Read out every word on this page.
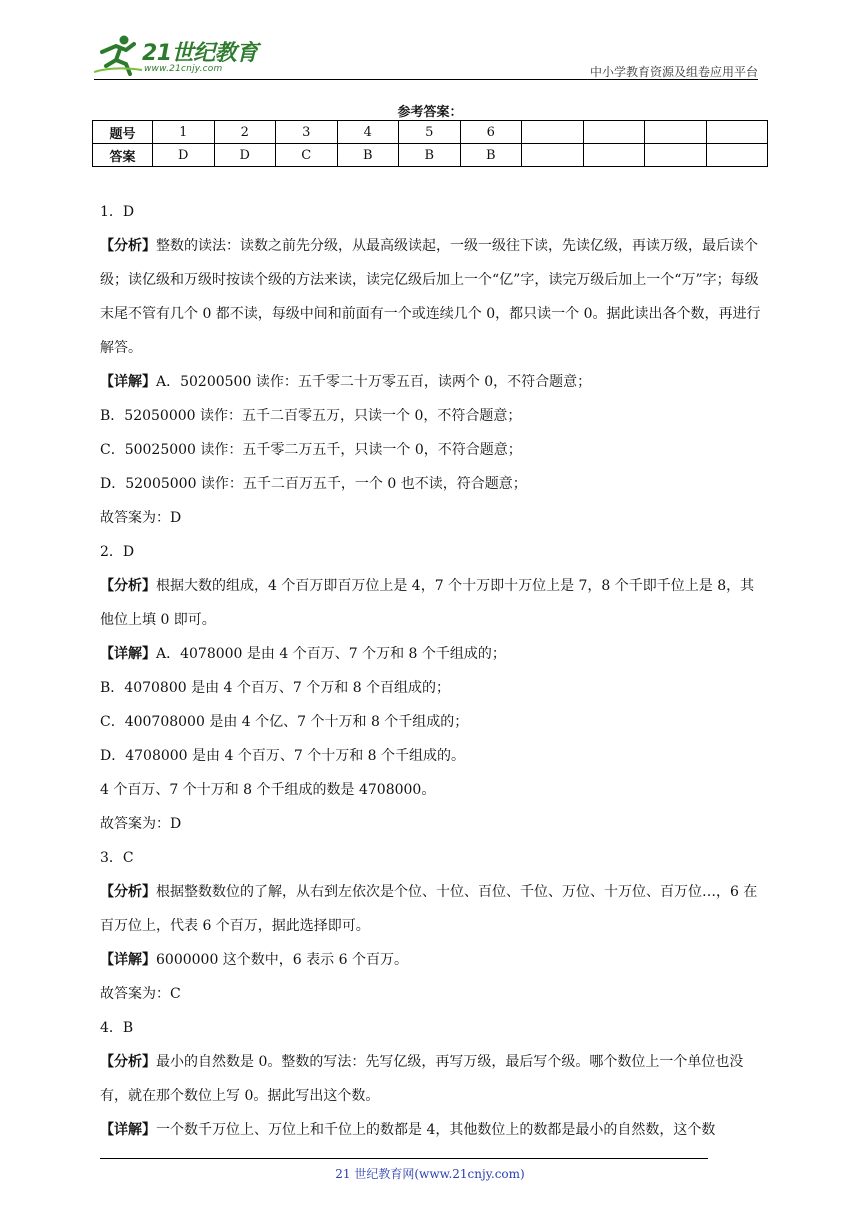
21世纪教育
www.21cnjy.com	中小学教育资源及组卷应用平台
参考答案：
题号	1	2	3	4	5	6				
答案	D	D	C	B	B	B				

1．D

【分析】整数的读法：读数之前先分级，从最高级读起，一级一级往下读，先读亿级，再读万级，最后读个级；读亿级和万级时按读个级的方法来读，读完亿级后加上一个“亿”字，读完万级后加上一个“万”字；每级末尾不管有几个 0 都不读，每级中间和前面有一个或连续几个 0，都只读一个 0。据此读出各个数，再进行解答。

【详解】A．50200500 读作：五千零二十万零五百，读两个 0，不符合题意；

B．52050000 读作：五千二百零五万，只读一个 0，不符合题意；

C．50025000 读作：五千零二万五千，只读一个 0，不符合题意；

D．52005000 读作：五千二百万五千，一个 0 也不读，符合题意；

故答案为：D

2．D

【分析】根据大数的组成，4 个百万即百万位上是 4，7 个十万即十万位上是 7，8 个千即千位上是 8，其他位上填 0 即可。

【详解】A．4078000 是由 4 个百万、7 个万和 8 个千组成的；

B．4070800 是由 4 个百万、7 个万和 8 个百组成的；

C．400708000 是由 4 个亿、7 个十万和 8 个千组成的；

D．4708000 是由 4 个百万、7 个十万和 8 个千组成的。

4 个百万、7 个十万和 8 个千组成的数是 4708000。

故答案为：D

3．C

【分析】根据整数数位的了解，从右到左依次是个位、十位、百位、千位、万位、十万位、百万位…，6 在百万位上，代表 6 个百万，据此选择即可。

【详解】6000000 这个数中，6 表示 6 个百万。

故答案为：C

4．B

【分析】最小的自然数是 0。整数的写法：先写亿级，再写万级，最后写个级。哪个数位上一个单位也没有，就在那个数位上写 0。据此写出这个数。

【详解】一个数千万位上、万位上和千位上的数都是 4，其他数位上的数都是最小的自然数，这个数

21 世纪教育网(www.21cnjy.com)
